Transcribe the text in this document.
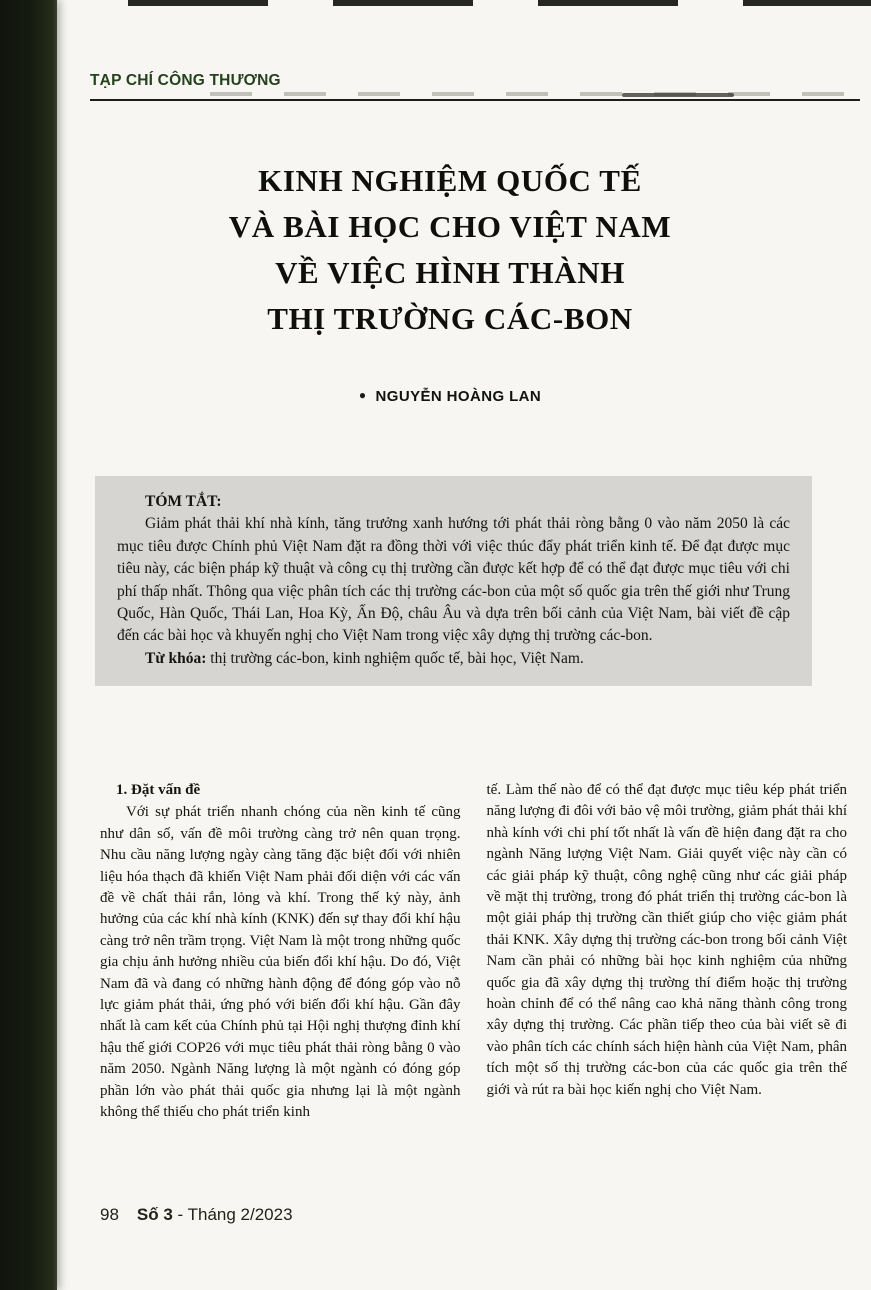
TẠP CHÍ CÔNG THƯƠNG
KINH NGHIỆM QUỐC TẾ
VÀ BÀI HỌC CHO VIỆT NAM
VỀ VIỆC HÌNH THÀNH
THỊ TRƯỜNG CÁC-BON
● NGUYỄN HOÀNG LAN
TÓM TẮT:

Giảm phát thải khí nhà kính, tăng trưởng xanh hướng tới phát thải ròng bằng 0 vào năm 2050 là các mục tiêu được Chính phủ Việt Nam đặt ra đồng thời với việc thúc đẩy phát triển kinh tế. Để đạt được mục tiêu này, các biện pháp kỹ thuật và công cụ thị trường cần được kết hợp để có thể đạt được mục tiêu với chi phí thấp nhất. Thông qua việc phân tích các thị trường các-bon của một số quốc gia trên thế giới như Trung Quốc, Hàn Quốc, Thái Lan, Hoa Kỳ, Ấn Độ, châu Âu và dựa trên bối cảnh của Việt Nam, bài viết đề cập đến các bài học và khuyến nghị cho Việt Nam trong việc xây dựng thị trường các-bon.

Từ khóa: thị trường các-bon, kinh nghiệm quốc tế, bài học, Việt Nam.

1. Đặt vấn đề

Với sự phát triển nhanh chóng của nền kinh tế cũng như dân số, vấn đề môi trường càng trở nên quan trọng. Nhu cầu năng lượng ngày càng tăng đặc biệt đối với nhiên liệu hóa thạch đã khiến Việt Nam phải đối diện với các vấn đề về chất thải rắn, lỏng và khí. Trong thế kỷ này, ảnh hưởng của các khí nhà kính (KNK) đến sự thay đổi khí hậu càng trở nên trầm trọng. Việt Nam là một trong những quốc gia chịu ảnh hưởng nhiều của biến đổi khí hậu. Do đó, Việt Nam đã và đang có những hành động để đóng góp vào nỗ lực giảm phát thải, ứng phó với biến đổi khí hậu. Gần đây nhất là cam kết của Chính phủ tại Hội nghị thượng đỉnh khí hậu thế giới COP26 với mục tiêu phát thải ròng bằng 0 vào năm 2050. Ngành Năng lượng là một ngành có đóng góp phần lớn vào phát thải quốc gia nhưng lại là một ngành không thể thiếu cho phát triển kinh

tế. Làm thế nào để có thể đạt được mục tiêu kép phát triển năng lượng đi đôi với bảo vệ môi trường, giảm phát thải khí nhà kính với chi phí tốt nhất là vấn đề hiện đang đặt ra cho ngành Năng lượng Việt Nam. Giải quyết việc này cần có các giải pháp kỹ thuật, công nghệ cũng như các giải pháp về mặt thị trường, trong đó phát triển thị trường các-bon là một giải pháp thị trường cần thiết giúp cho việc giảm phát thải KNK. Xây dựng thị trường các-bon trong bối cảnh Việt Nam cần phải có những bài học kinh nghiệm của những quốc gia đã xây dựng thị trường thí điểm hoặc thị trường hoàn chỉnh để có thể nâng cao khả năng thành công trong xây dựng thị trường. Các phần tiếp theo của bài viết sẽ đi vào phân tích các chính sách hiện hành của Việt Nam, phân tích một số thị trường các-bon của các quốc gia trên thế giới và rút ra bài học kiến nghị cho Việt Nam.

98 Số 3 - Tháng 2/2023
